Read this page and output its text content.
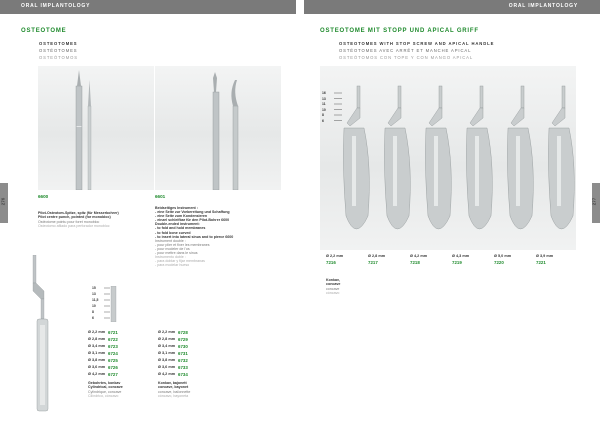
ORAL IMPLANTOLOGY
OSTEOTOME
OSTEOTOMES
OSTÉOTOMES
OSTEÓTOMOS
276
6600
Pilot-Osteotom-Spitze, spitz (für Messerbohrer)
Pilot centre punch, pointed (for monobloc)
Ostéotome pointu pour foret monobloc
Osteotomo afilado para perforador monobloc
6601
Beidseitiges Instrument :
- eine Seite zur Vorbereitung und Schaffung
- eine Seite zum Kondensieren
- einzel schleifbar für den Pilot-Bohrer 6600
Double-ended instrument:
- to fold and hold membranes
- to fold bone curved
- to insert into lateral sinus and to pierce 6600
Instrument double :
- pour plier et fixer les membranes
- pour modeler de l'os
- pour mettre dans le sinus
Instrumento doble :
- para doblar y fijar membranas
- para modelar hueso
15
13
11,5
10
8
6
Ø 2,2 mm 6721
Ø 2,8 mm 6722
Ø 3,4 mm 6723
Ø 3,1 mm 6724
Ø 3,8 mm 6725
Ø 3,6 mm 6726
Ø 4,2 mm 6727
Gebohrtes, konkav
Cylindrical, concave
Cylindrique, concave
Cilíndrico, cóncavo
Ø 2,2 mm 6728
Ø 2,8 mm 6729
Ø 3,4 mm 6730
Ø 3,1 mm 6731
Ø 3,8 mm 6732
Ø 3,6 mm 6733
Ø 4,2 mm 6734
Konkav, bajonett
concave, bayonet
concave, baïonnette
cóncavo, bayoneta
ORAL IMPLANTOLOGY
OSTEOTOME MIT STOPP UND APICAL GRIFF
OSTEOTOMES WITH STOP SCREW AND APICAL HANDLE
OSTÉOTOMES AVEC ARRÊT ET MANCHE APICAL
OSTEÓTOMOS CON TOPE Y CON MANGO APICAL
277
16
13
11
10
8
6
Ø 2,2 mm
7216
Ø 2,8 mm
7217
Ø 4,2 mm
7218
Ø 4,3 mm
7219
Ø 5,0 mm
7220
Ø 3,9 mm
7221
Konkav,
concave
concave
cóncavo
